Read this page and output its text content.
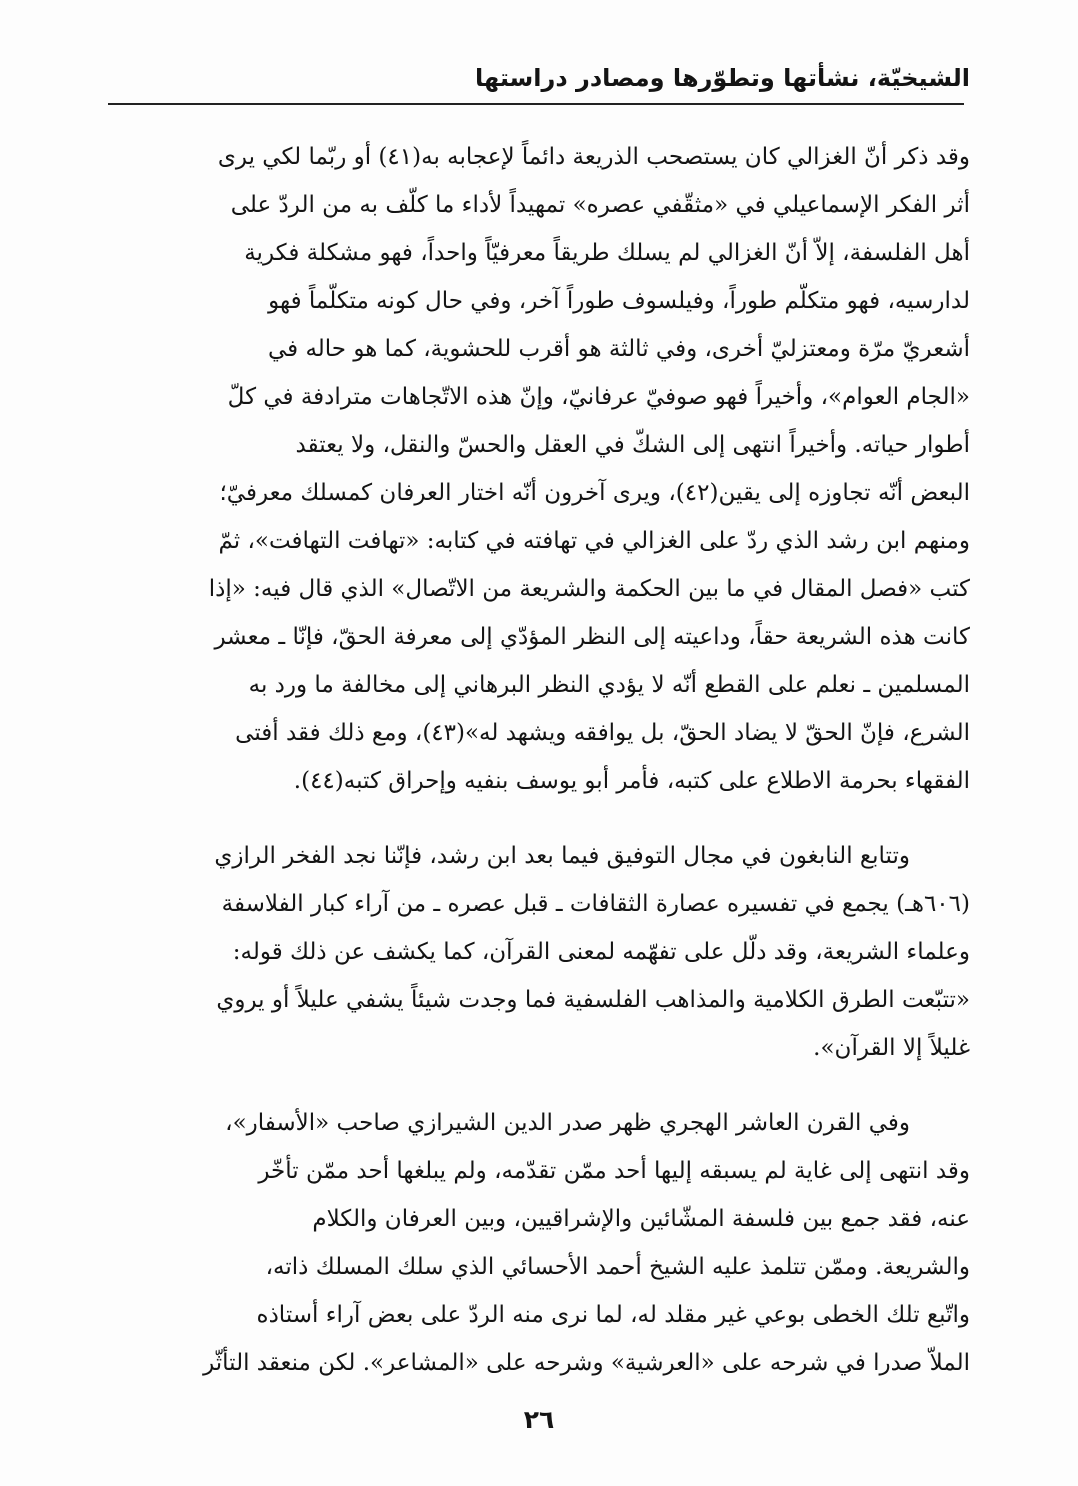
الشيخيّة، نشأتها وتطوّرها ومصادر دراستها
وقد ذكر أنّ الغزالي كان يستصحب الذريعة دائماً لإعجابه به(٤١) أو ربّما لكي يرى
أثر الفكر الإسماعيلي في «مثقّفي عصره» تمهيداً لأداء ما كلّف به من الردّ على
أهل الفلسفة، إلاّ أنّ الغزالي لم يسلك طريقاً معرفيّاً واحداً، فهو مشكلة فكرية
لدارسيه، فهو متكلّم طوراً، وفيلسوف طوراً آخر، وفي حال كونه متكلّماً فهو
أشعريّ مرّة ومعتزليّ أخرى، وفي ثالثة هو أقرب للحشوية، كما هو حاله في
«الجام العوام»، وأخيراً فهو صوفيّ عرفانيّ، وإنّ هذه الاتّجاهات مترادفة في كلّ
أطوار حياته. وأخيراً انتهى إلى الشكّ في العقل والحسّ والنقل، ولا يعتقد
البعض أنّه تجاوزه إلى يقين(٤٢)، ويرى آخرون أنّه اختار العرفان كمسلك معرفيّ؛
ومنهم ابن رشد الذي ردّ على الغزالي في تهافته في كتابه: «تهافت التهافت»، ثمّ
كتب «فصل المقال في ما بين الحكمة والشريعة من الاتّصال» الذي قال فيه: «إذا
كانت هذه الشريعة حقاً، وداعيته إلى النظر المؤدّي إلى معرفة الحقّ، فإنّا ـ معشر
المسلمين ـ نعلم على القطع أنّه لا يؤدي النظر البرهاني إلى مخالفة ما ورد به
الشرع، فإنّ الحقّ لا يضاد الحقّ، بل يوافقه ويشهد له»(٤٣)، ومع ذلك فقد أفتى
الفقهاء بحرمة الاطلاع على كتبه، فأمر أبو يوسف بنفيه وإحراق كتبه(٤٤).
وتتابع النابغون في مجال التوفيق فيما بعد ابن رشد، فإنّنا نجد الفخر الرازي
(٦٠٦هـ) يجمع في تفسيره عصارة الثقافات ـ قبل عصره ـ من آراء كبار الفلاسفة
وعلماء الشريعة، وقد دلّل على تفهّمه لمعنى القرآن، كما يكشف عن ذلك قوله:
«تتبّعت الطرق الكلامية والمذاهب الفلسفية فما وجدت شيئاً يشفي عليلاً أو يروي
غليلاً إلا القرآن».
وفي القرن العاشر الهجري ظهر صدر الدين الشيرازي صاحب «الأسفار»،
وقد انتهى إلى غاية لم يسبقه إليها أحد ممّن تقدّمه، ولم يبلغها أحد ممّن تأخّر
عنه، فقد جمع بين فلسفة المشّائين والإشراقيين، وبين العرفان والكلام
والشريعة. وممّن تتلمذ عليه الشيخ أحمد الأحسائي الذي سلك المسلك ذاته،
واتّبع تلك الخطى بوعي غير مقلد له، لما نرى منه الردّ على بعض آراء أستاذه
الملاّ صدرا في شرحه على «العرشية» وشرحه على «المشاعر». لكن منعقد التأثّر
٢٦
